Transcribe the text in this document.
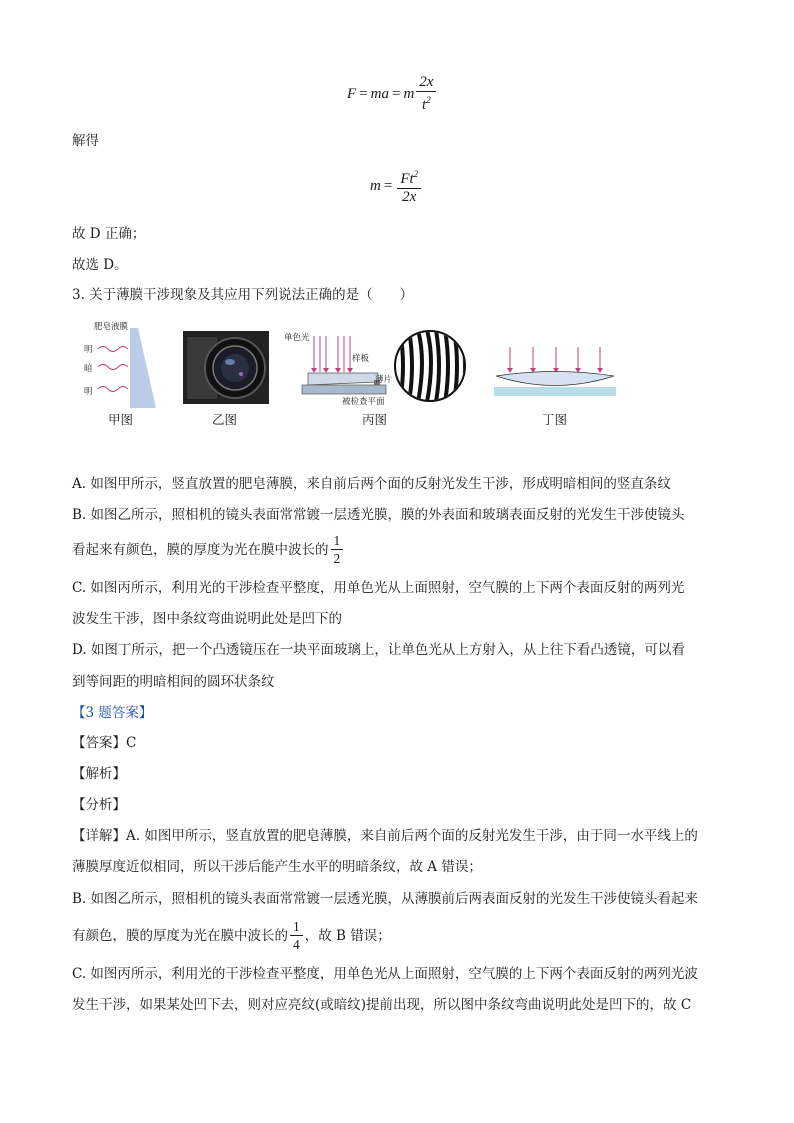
F = ma = m $\frac{2x}{t^2}$
解得
$m = \frac{Ft^2}{2x}$
故 D 正确；
故选 D。
3. 关于薄膜干涉现象及其应用下列说法正确的是（　　）
肥皂液膜
明
暗
明
甲图	乙图
单色光
样板
薄片
被检查平面
丙图	丁图
A. 如图甲所示，竖直放置的肥皂薄膜，来自前后两个面的反射光发生干涉，形成明暗相间的竖直条纹
B. 如图乙所示，照相机的镜头表面常常镀一层透光膜，膜的外表面和玻璃表面反射的光发生干涉使镜头
看起来有颜色，膜的厚度为光在膜中波长的 $\frac{1}{2}$
C. 如图丙所示，利用光的干涉检查平整度，用单色光从上面照射，空气膜的上下两个表面反射的两列光
波发生干涉，图中条纹弯曲说明此处是凹下的
D. 如图丁所示，把一个凸透镜压在一块平面玻璃上，让单色光从上方射入，从上往下看凸透镜，可以看
到等间距的明暗相间的圆环状条纹
【3 题答案】
【答案】C
【解析】
【分析】
【详解】A. 如图甲所示，竖直放置的肥皂薄膜，来自前后两个面的反射光发生干涉，由于同一水平线上的
薄膜厚度近似相同，所以干涉后能产生水平的明暗条纹，故 A 错误；
B. 如图乙所示，照相机的镜头表面常常镀一层透光膜，从薄膜前后两表面反射的光发生干涉使镜头看起来
有颜色，膜的厚度为光在膜中波长的 $\frac{1}{4}$ ，故 B 错误；
C. 如图丙所示，利用光的干涉检查平整度，用单色光从上面照射，空气膜的上下两个表面反射的两列光波
发生干涉，如果某处凹下去，则对应亮纹(或暗纹)提前出现，所以图中条纹弯曲说明此处是凹下的，故 C
